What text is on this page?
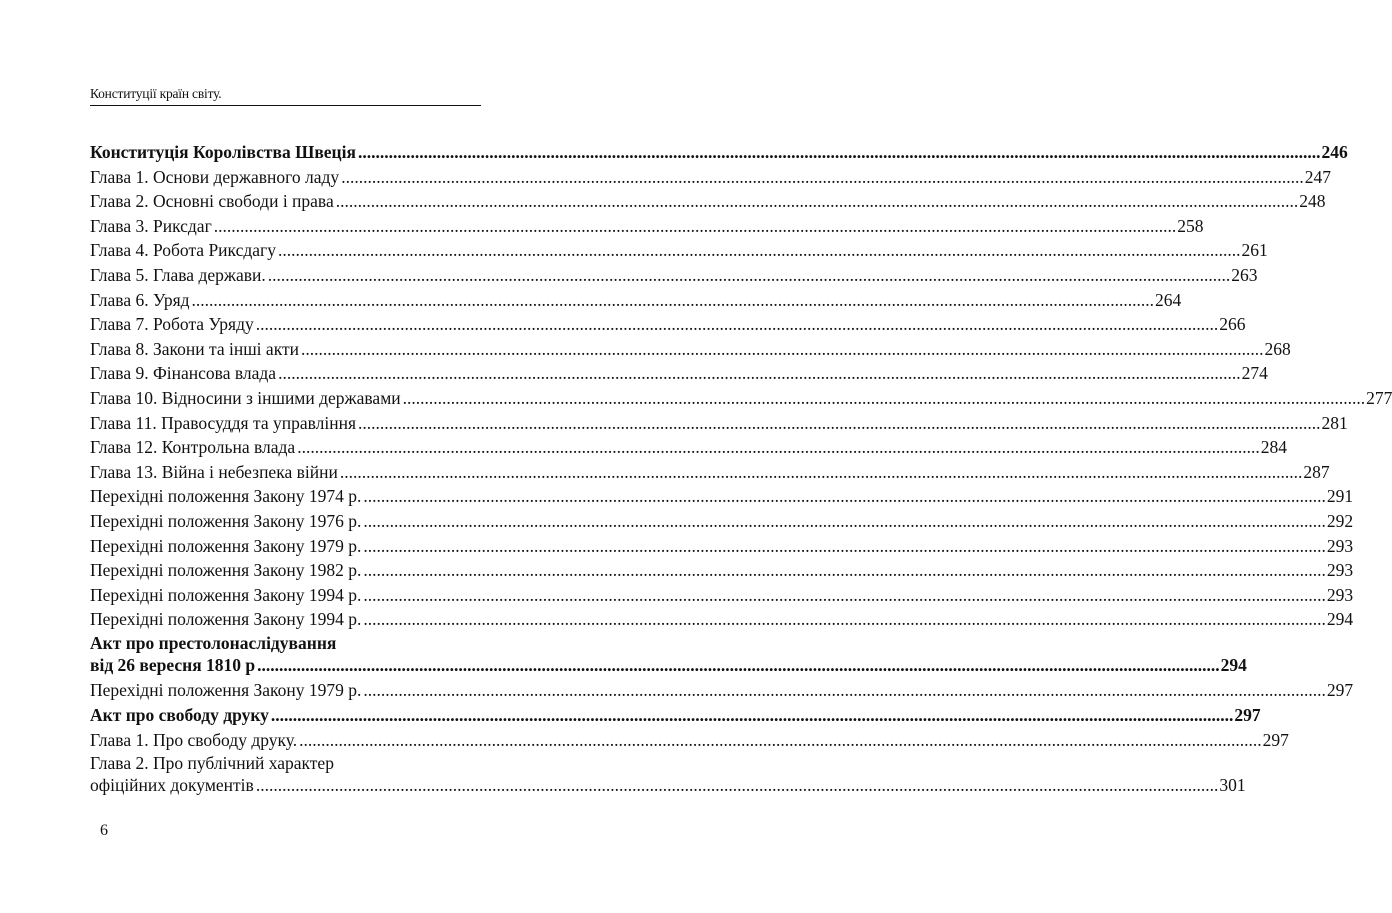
Конституції країн світу.
Конституція Королівства Швеція ............................................................................................................................................................................................................................ 246
Глава 1. Основи державного ладу ............................................................................................................................................................................................................................ 247
Глава 2. Основні свободи і права ............................................................................................................................................................................................................................ 248
Глава 3. Риксдаг ............................................................................................................................................................................................................................ 258
Глава 4. Робота Риксдагу ............................................................................................................................................................................................................................ 261
Глава 5. Глава держави. ............................................................................................................................................................................................................................ 263
Глава 6. Уряд ............................................................................................................................................................................................................................ 264
Глава 7. Робота Уряду ............................................................................................................................................................................................................................ 266
Глава 8. Закони та інші акти ............................................................................................................................................................................................................................ 268
Глава 9. Фінансова влада ............................................................................................................................................................................................................................ 274
Глава 10. Відносини з іншими державами ............................................................................................................................................................................................................................ 277
Глава 11. Правосуддя та управління ............................................................................................................................................................................................................................ 281
Глава 12. Контрольна влада ............................................................................................................................................................................................................................ 284
Глава 13. Війна і небезпека війни ............................................................................................................................................................................................................................ 287
Перехідні положення Закону 1974 р. ............................................................................................................................................................................................................................ 291
Перехідні положення Закону 1976 р. ............................................................................................................................................................................................................................ 292
Перехідні положення Закону 1979 р. ............................................................................................................................................................................................................................ 293
Перехідні положення Закону 1982 р. ............................................................................................................................................................................................................................ 293
Перехідні положення Закону 1994 р. ............................................................................................................................................................................................................................ 293
Перехідні положення Закону 1994 р. ............................................................................................................................................................................................................................ 294
Акт про престолонаслідування
від 26 вересня 1810 р ............................................................................................................................................................................................................................ 294
Перехідні положення Закону 1979 р. ............................................................................................................................................................................................................................ 297
Акт про свободу друку ............................................................................................................................................................................................................................ 297
Глава 1. Про свободу друку. ............................................................................................................................................................................................................................ 297
Глава 2. Про публічний характер
офіційних документів ............................................................................................................................................................................................................................ 301
6
